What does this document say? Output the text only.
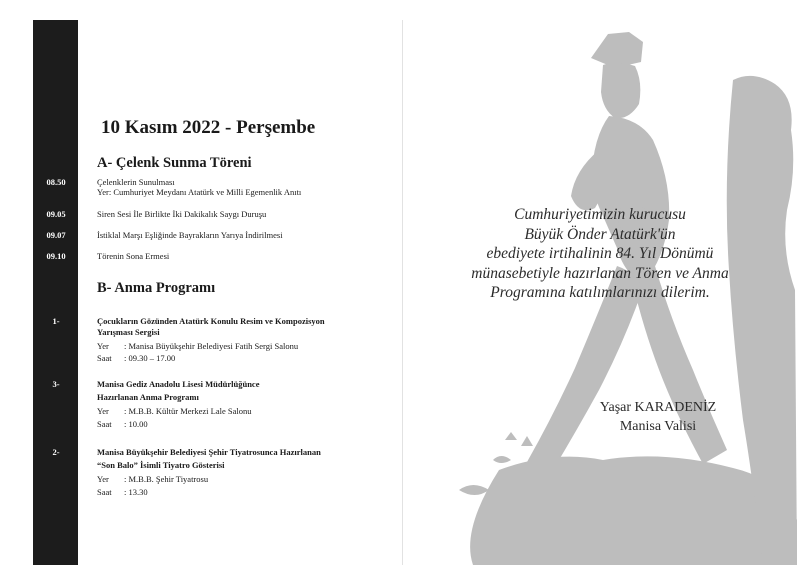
10 Kasım 2022 - Perşembe
A- Çelenk Sunma Töreni
08.50	Çelenklerin Sunulması
Yer: Cumhuriyet Meydanı Atatürk ve Milli Egemenlik Anıtı
09.05	Siren Sesi İle Birlikte İki Dakikalık Saygı Duruşu
09.07	İstiklal Marşı Eşliğinde Bayrakların Yarıya İndirilmesi
09.10	Törenin Sona Ermesi
B- Anma Programı
1-	Çocukların Gözünden Atatürk Konulu Resim ve Kompozisyon
Yarışması Sergisi
Yer : Manisa Büyükşehir Belediyesi Fatih Sergi Salonu
Saat : 09.30 – 17.00
3-	Manisa Gediz Anadolu Lisesi Müdürlüğünce
Hazırlanan Anma Programı
Yer : M.B.B. Kültür Merkezi Lale Salonu
Saat : 10.00
2-	Manisa Büyükşehir Belediyesi Şehir Tiyatrosunca Hazırlanan
“Son Balo” İsimli Tiyatro Gösterisi
Yer : M.B.B. Şehir Tiyatrosu
Saat : 13.30
Cumhuriyetimizin kurucusu
Büyük Önder Atatürk'ün
ebediyete irtihalinin 84. Yıl Dönümü
münasebetiyle hazırlanan Tören ve Anma
Programına katılımlarınızı dilerim.
Yaşar KARADENİZ
Manisa Valisi
